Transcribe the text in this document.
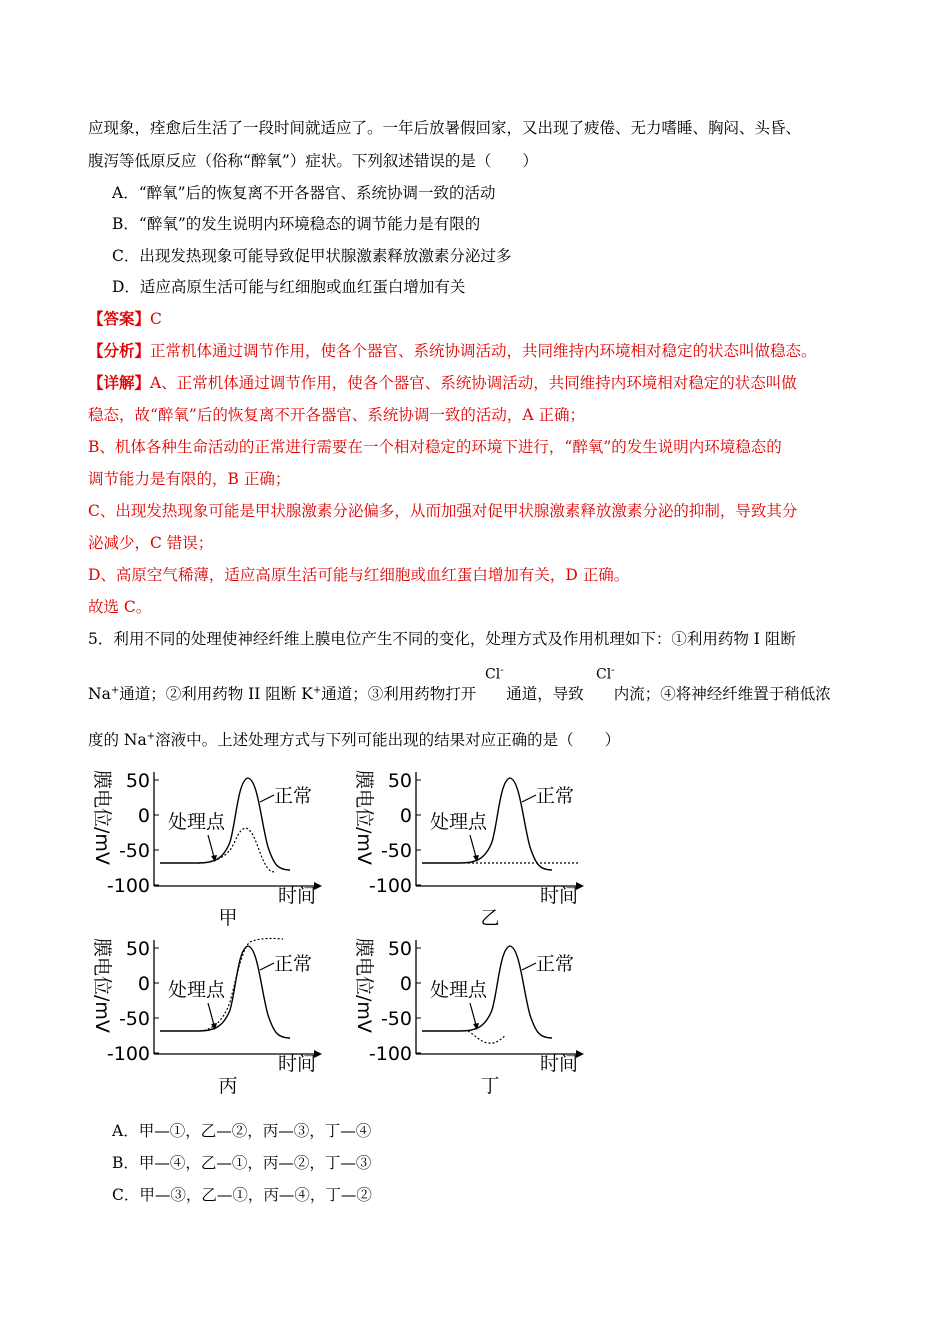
应现象，痊愈后生活了一段时间就适应了。一年后放暑假回家，又出现了疲倦、无力嗜睡、胸闷、头昏、
腹泻等低原反应（俗称“醉氧”）症状。下列叙述错误的是（　　）
A．“醉氧”后的恢复离不开各器官、系统协调一致的活动
B．“醉氧”的发生说明内环境稳态的调节能力是有限的
C．出现发热现象可能导致促甲状腺激素释放激素分泌过多
D．适应高原生活可能与红细胞或血红蛋白增加有关
【答案】C
【分析】正常机体通过调节作用，使各个器官、系统协调活动，共同维持内环境相对稳定的状态叫做稳态。
【详解】A、正常机体通过调节作用，使各个器官、系统协调活动，共同维持内环境相对稳定的状态叫做
稳态，故“醉氧”后的恢复离不开各器官、系统协调一致的活动，A 正确；
B、机体各种生命活动的正常进行需要在一个相对稳定的环境下进行，“醉氧”的发生说明内环境稳态的
调节能力是有限的，B 正确；
C、出现发热现象可能是甲状腺激素分泌偏多，从而加强对促甲状腺激素释放激素分泌的抑制，导致其分
泌减少，C 错误；
D、高原空气稀薄，适应高原生活可能与红细胞或血红蛋白增加有关，D 正确。
故选 C。
5．利用不同的处理使神经纤维上膜电位产生不同的变化，处理方式及作用机理如下：①利用药物 I 阻断
Na+通道；②利用药物 II 阻断 K+通道；③利用药物打开 通道，导致 内流；④将神经纤维置于稍低浓
Cl-	Cl-
度的 Na+溶液中。上述处理方式与下列可能出现的结果对应正确的是（　　）
膜电位/mV 50
0
-50
-100
处理点
正常
时间
甲
膜电位/mV 50
0
-50
-100
处理点
正常
时间
乙
膜电位/mV 50
0
-50
-100
处理点
正常
时间
丙
膜电位/mV 50
0
-50
-100
处理点
正常
时间
丁
A．甲—①，乙—②，丙—③，丁—④
B．甲—④，乙—①，丙—②，丁—③
C．甲—③，乙—①，丙—④，丁—②
